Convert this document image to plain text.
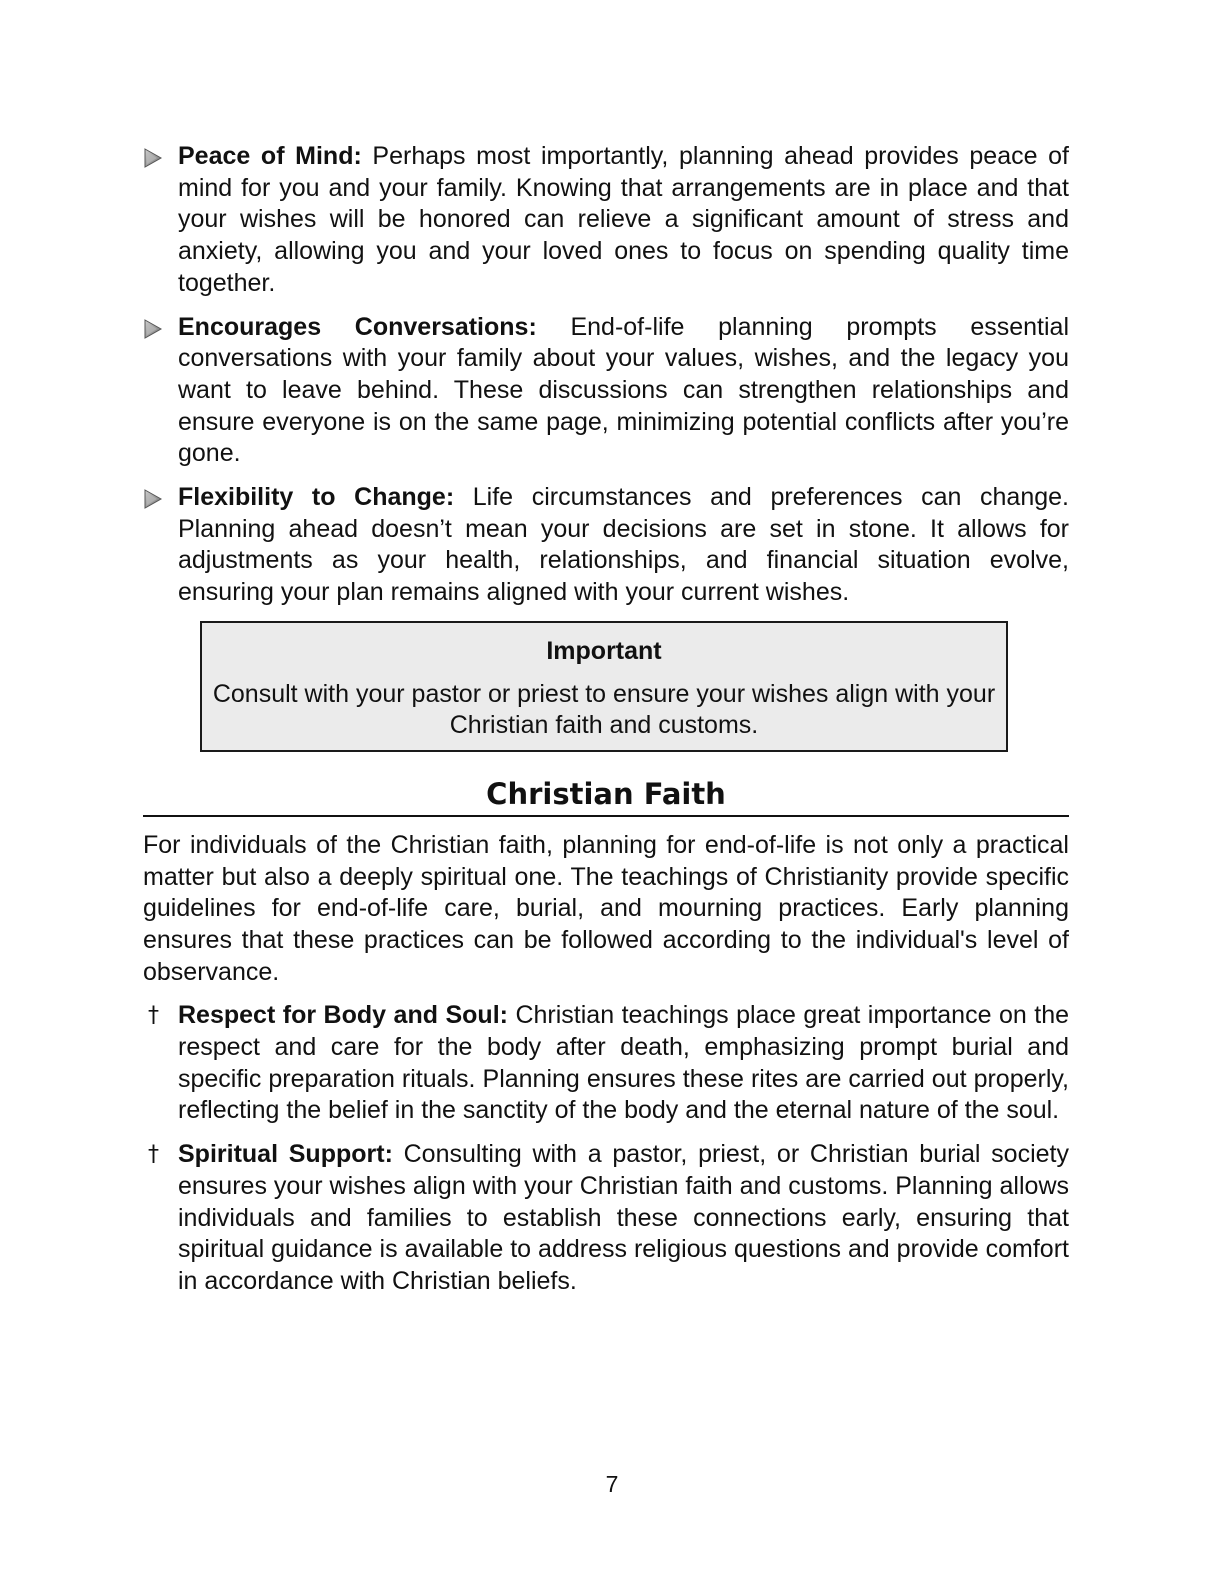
Peace of Mind: Perhaps most importantly, planning ahead provides peace of mind for you and your family. Knowing that arrangements are in place and that your wishes will be honored can relieve a significant amount of stress and anxiety, allowing you and your loved ones to focus on spending quality time together.
Encourages Conversations: End-of-life planning prompts essential conversations with your family about your values, wishes, and the legacy you want to leave behind. These discussions can strengthen relationships and ensure everyone is on the same page, minimizing potential conflicts after you’re gone.
Flexibility to Change: Life circumstances and preferences can change. Planning ahead doesn’t mean your decisions are set in stone. It allows for adjustments as your health, relationships, and financial situation evolve, ensuring your plan remains aligned with your current wishes.
Important
Consult with your pastor or priest to ensure your wishes align with your Christian faith and customs.
Christian Faith
For individuals of the Christian faith, planning for end-of-life is not only a practical matter but also a deeply spiritual one. The teachings of Christianity provide specific guidelines for end-of-life care, burial, and mourning practices. Early planning ensures that these practices can be followed according to the individual's level of observance.
† Respect for Body and Soul: Christian teachings place great importance on the respect and care for the body after death, emphasizing prompt burial and specific preparation rituals. Planning ensures these rites are carried out properly, reflecting the belief in the sanctity of the body and the eternal nature of the soul.
† Spiritual Support: Consulting with a pastor, priest, or Christian burial society ensures your wishes align with your Christian faith and customs. Planning allows individuals and families to establish these connections early, ensuring that spiritual guidance is available to address religious questions and provide comfort in accordance with Christian beliefs.
7
